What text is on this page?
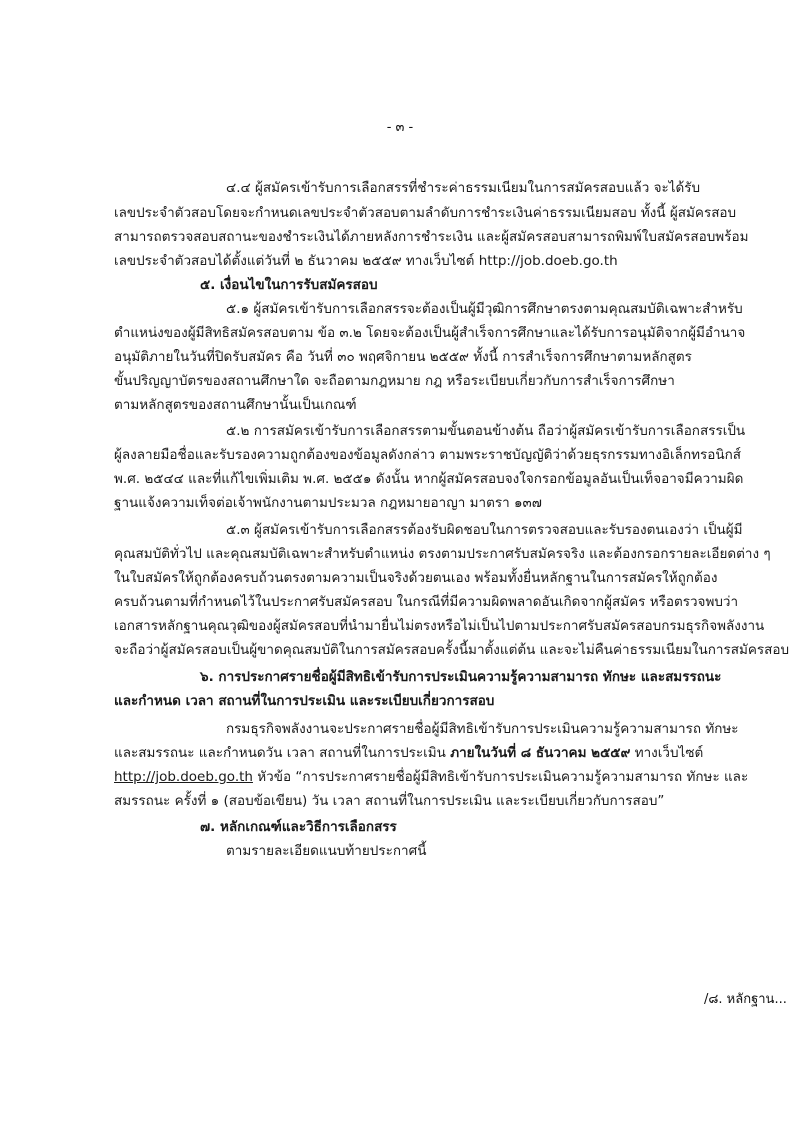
- ๓ -
๔.๔ ผู้สมัครเข้ารับการเลือกสรรที่ชำระค่าธรรมเนียมในการสมัครสอบแล้ว จะได้รับ
เลขประจำตัวสอบโดยจะกำหนดเลขประจำตัวสอบตามลำดับการชำระเงินค่าธรรมเนียมสอบ ทั้งนี้ ผู้สมัครสอบ
สามารถตรวจสอบสถานะของชำระเงินได้ภายหลังการชำระเงิน และผู้สมัครสอบสามารถพิมพ์ใบสมัครสอบพร้อม
เลขประจำตัวสอบได้ตั้งแต่วันที่ ๒ ธันวาคม ๒๕๕๙ ทางเว็บไซต์ http://job.doeb.go.th
๕. เงื่อนไขในการรับสมัครสอบ
๕.๑ ผู้สมัครเข้ารับการเลือกสรรจะต้องเป็นผู้มีวุฒิการศึกษาตรงตามคุณสมบัติเฉพาะสำหรับ
ตำแหน่งของผู้มีสิทธิสมัครสอบตาม ข้อ ๓.๒ โดยจะต้องเป็นผู้สำเร็จการศึกษาและได้รับการอนุมัติจากผู้มีอำนาจ
อนุมัติภายในวันที่ปิดรับสมัคร คือ วันที่ ๓๐ พฤศจิกายน ๒๕๕๙ ทั้งนี้ การสำเร็จการศึกษาตามหลักสูตร
ขั้นปริญญาบัตรของสถานศึกษาใด จะถือตามกฎหมาย กฎ หรือระเบียบเกี่ยวกับการสำเร็จการศึกษา
ตามหลักสูตรของสถานศึกษานั้นเป็นเกณฑ์
๕.๒ การสมัครเข้ารับการเลือกสรรตามขั้นตอนข้างต้น ถือว่าผู้สมัครเข้ารับการเลือกสรรเป็น
ผู้ลงลายมือชื่อและรับรองความถูกต้องของข้อมูลดังกล่าว ตามพระราชบัญญัติว่าด้วยธุรกรรมทางอิเล็กทรอนิกส์
พ.ศ. ๒๕๔๔ และที่แก้ไขเพิ่มเติม พ.ศ. ๒๕๕๑ ดังนั้น หากผู้สมัครสอบจงใจกรอกข้อมูลอันเป็นเท็จอาจมีความผิด
ฐานแจ้งความเท็จต่อเจ้าพนักงานตามประมวล กฎหมายอาญา มาตรา ๑๓๗
๕.๓ ผู้สมัครเข้ารับการเลือกสรรต้องรับผิดชอบในการตรวจสอบและรับรองตนเองว่า เป็นผู้มี
คุณสมบัติทั่วไป และคุณสมบัติเฉพาะสำหรับตำแหน่ง ตรงตามประกาศรับสมัครจริง และต้องกรอกรายละเอียดต่าง ๆ
ในใบสมัครให้ถูกต้องครบถ้วนตรงตามความเป็นจริงด้วยตนเอง พร้อมทั้งยื่นหลักฐานในการสมัครให้ถูกต้อง
ครบถ้วนตามที่กำหนดไว้ในประกาศรับสมัครสอบ ในกรณีที่มีความผิดพลาดอันเกิดจากผู้สมัคร หรือตรวจพบว่า
เอกสารหลักฐานคุณวุฒิของผู้สมัครสอบที่นำมายื่นไม่ตรงหรือไม่เป็นไปตามประกาศรับสมัครสอบกรมธุรกิจพลังงาน
จะถือว่าผู้สมัครสอบเป็นผู้ขาดคุณสมบัติในการสมัครสอบครั้งนี้มาตั้งแต่ต้น และจะไม่คืนค่าธรรมเนียมในการสมัครสอบ
๖. การประกาศรายชื่อผู้มีสิทธิเข้ารับการประเมินความรู้ความสามารถ ทักษะ และสมรรถนะ
และกำหนด เวลา สถานที่ในการประเมิน และระเบียบเกี่ยวการสอบ
กรมธุรกิจพลังงานจะประกาศรายชื่อผู้มีสิทธิเข้ารับการประเมินความรู้ความสามารถ ทักษะ
และสมรรถนะ และกำหนดวัน เวลา สถานที่ในการประเมิน ภายในวันที่ ๘ ธันวาคม ๒๕๕๙ ทางเว็บไซต์
http://job.doeb.go.th หัวข้อ “การประกาศรายชื่อผู้มีสิทธิเข้ารับการประเมินความรู้ความสามารถ ทักษะ และ
สมรรถนะ ครั้งที่ ๑ (สอบข้อเขียน) วัน เวลา สถานที่ในการประเมิน และระเบียบเกี่ยวกับการสอบ”
๗. หลักเกณฑ์และวิธีการเลือกสรร
ตามรายละเอียดแนบท้ายประกาศนี้
/๘. หลักฐาน...
